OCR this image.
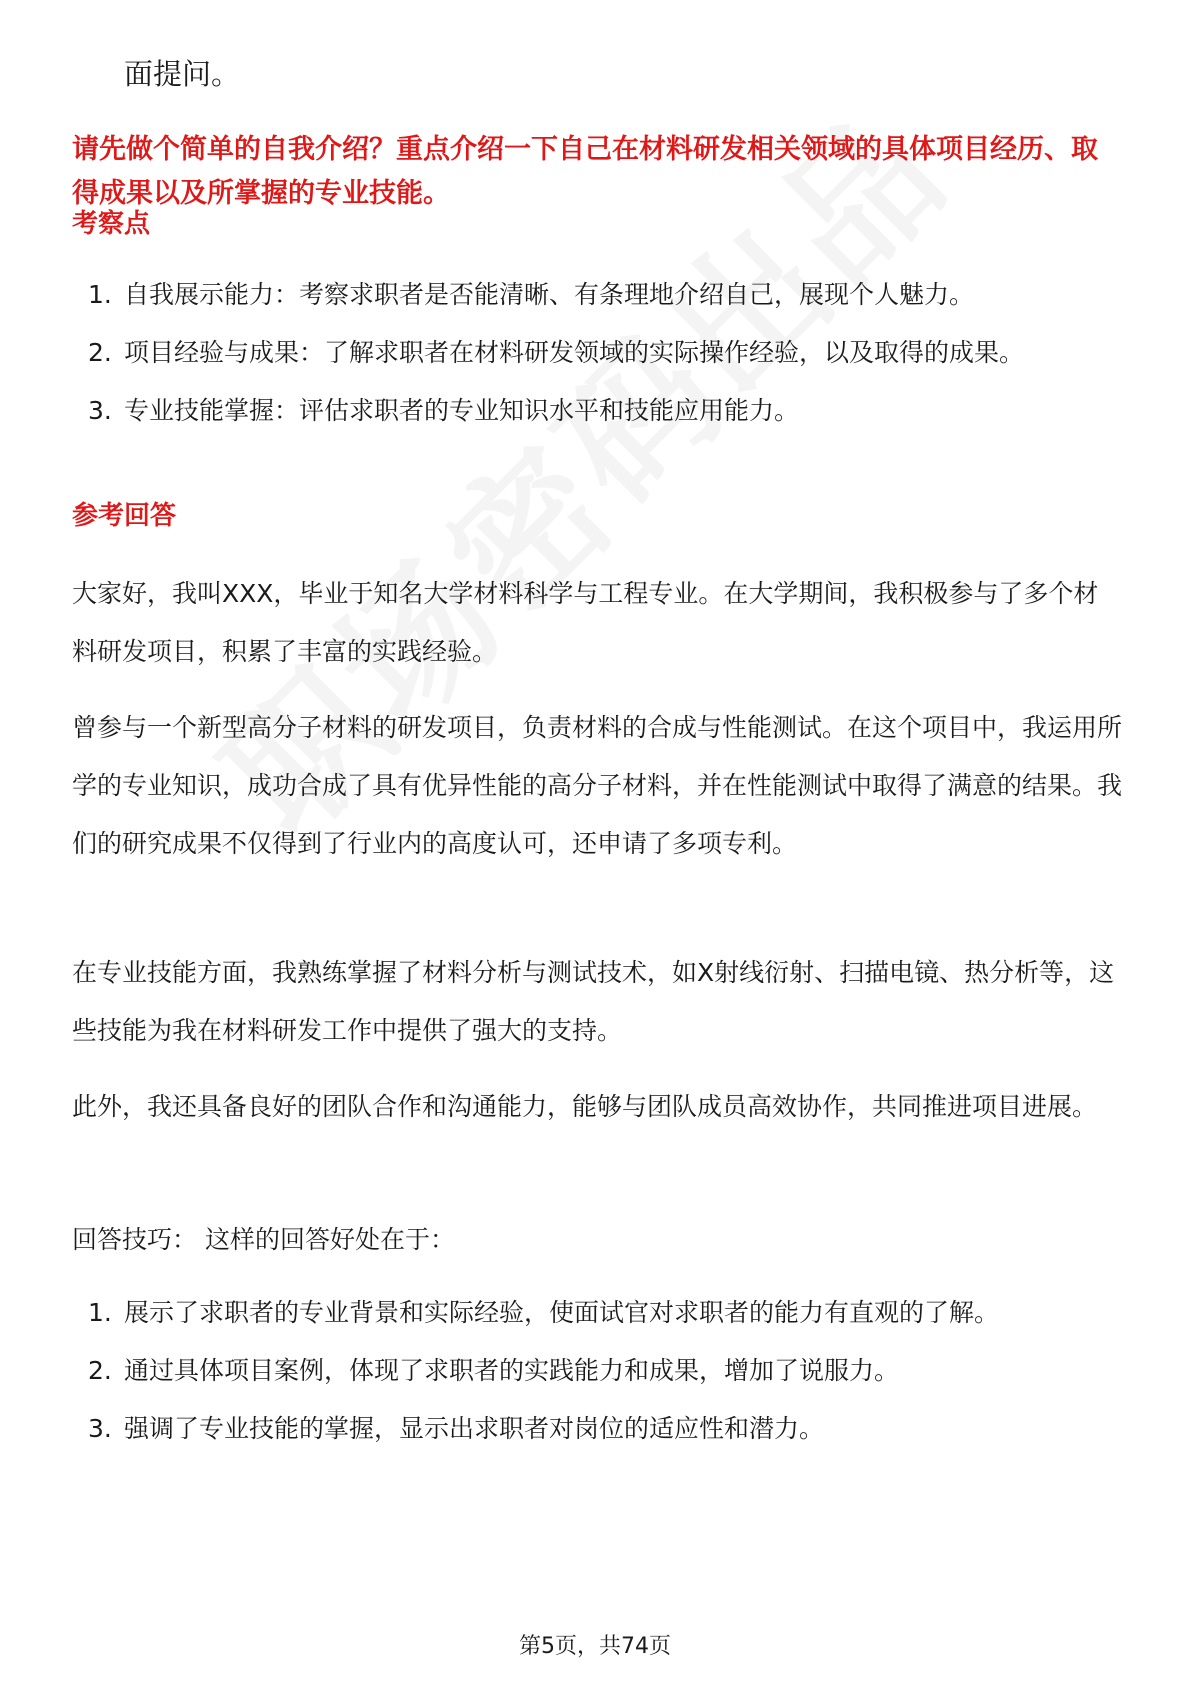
面提问。
请先做个简单的自我介绍？重点介绍一下自己在材料研发相关领域的具体项目经历、取得成果以及所掌握的专业技能。
考察点
1. 自我展示能力：考察求职者是否能清晰、有条理地介绍自己，展现个人魅力。
2. 项目经验与成果：了解求职者在材料研发领域的实际操作经验，以及取得的成果。
3. 专业技能掌握：评估求职者的专业知识水平和技能应用能力。
参考回答

大家好，我叫XXX，毕业于知名大学材料科学与工程专业。在大学期间，我积极参与了多个材料研发项目，积累了丰富的实践经验。

曾参与一个新型高分子材料的研发项目，负责材料的合成与性能测试。在这个项目中，我运用所学的专业知识，成功合成了具有优异性能的高分子材料，并在性能测试中取得了满意的结果。我们的研究成果不仅得到了行业内的高度认可，还申请了多项专利。

在专业技能方面，我熟练掌握了材料分析与测试技术，如X射线衍射、扫描电镜、热分析等，这些技能为我在材料研发工作中提供了强大的支持。

此外，我还具备良好的团队合作和沟通能力，能够与团队成员高效协作，共同推进项目进展。

回答技巧： 这样的回答好处在于：

1. 展示了求职者的专业背景和实际经验，使面试官对求职者的能力有直观的了解。
2. 通过具体项目案例，体现了求职者的实践能力和成果，增加了说服力。
3. 强调了专业技能的掌握，显示出求职者对岗位的适应性和潜力。
第5页，共74页
